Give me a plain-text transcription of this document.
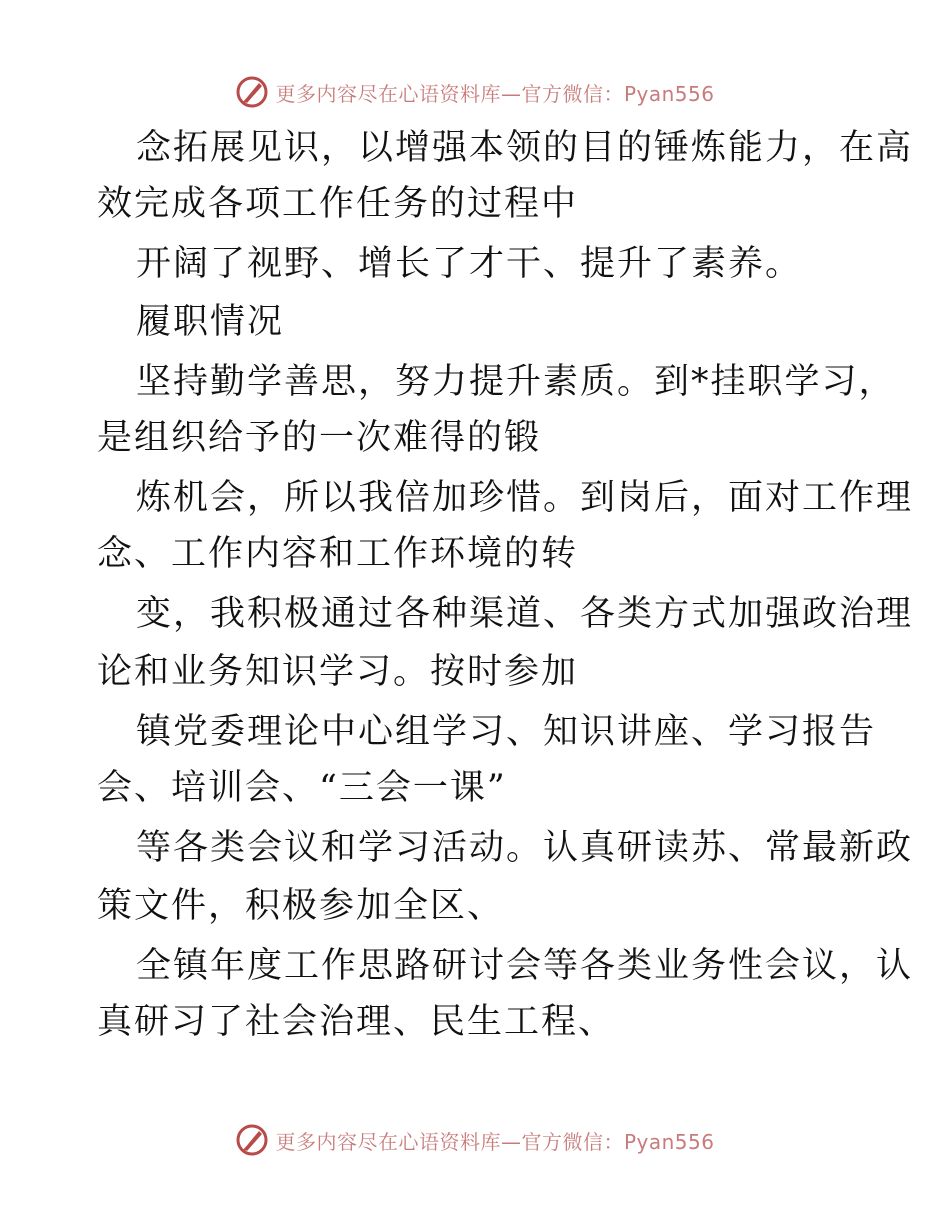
更多内容尽在心语资料库—官方微信：Pyan556
念拓展见识，以增强本领的目的锤炼能力，在高
效完成各项工作任务的过程中
开阔了视野、增长了才干、提升了素养。
履职情况
坚持勤学善思，努力提升素质。到*挂职学习，
是组织给予的一次难得的锻
炼机会，所以我倍加珍惜。到岗后，面对工作理
念、工作内容和工作环境的转
变，我积极通过各种渠道、各类方式加强政治理
论和业务知识学习。按时参加
镇党委理论中心组学习、知识讲座、学习报告
会、培训会、“三会一课”
等各类会议和学习活动。认真研读苏、常最新政
策文件，积极参加全区、
全镇年度工作思路研讨会等各类业务性会议，认
真研习了社会治理、民生工程、
更多内容尽在心语资料库—官方微信：Pyan556
